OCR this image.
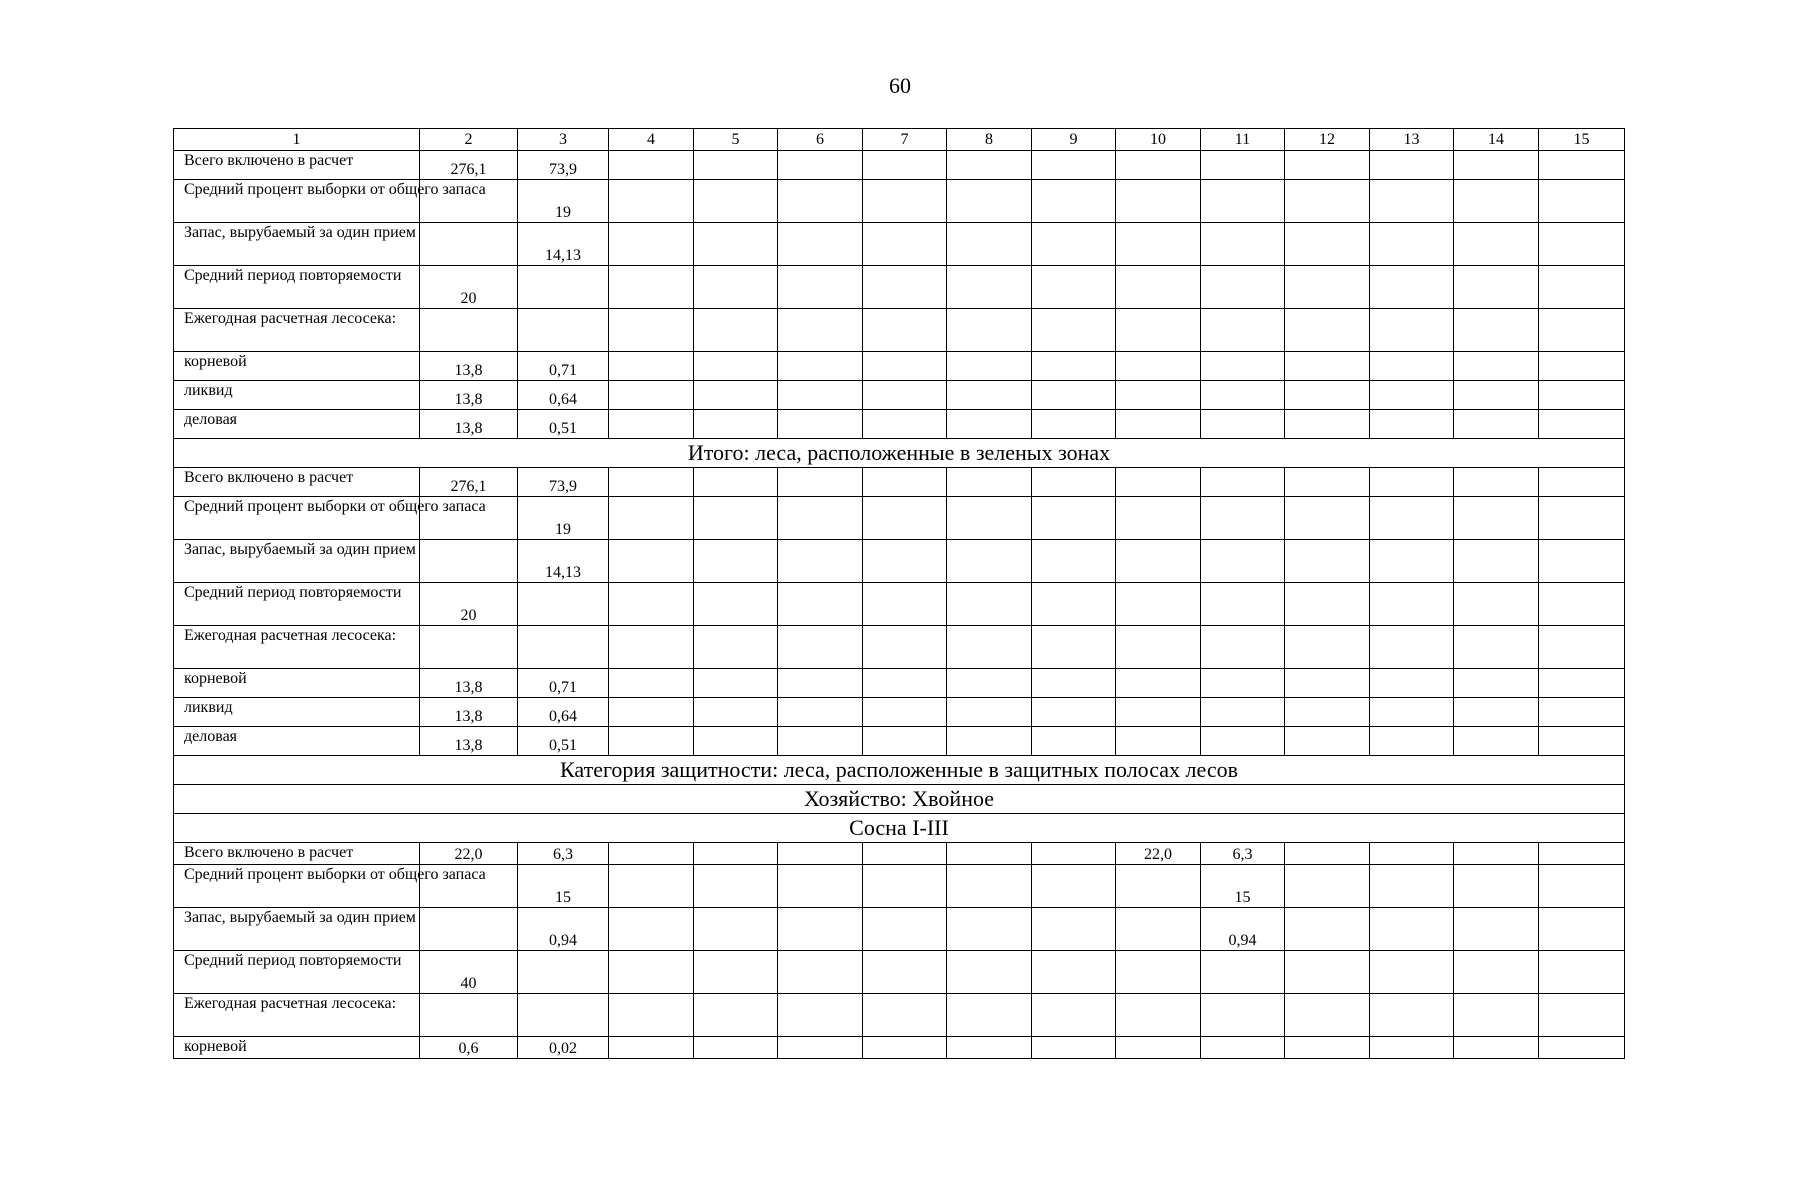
60
1	2	3	4	5	6	7	8	9	10	11	12	13	14	15
Всего включено в расчет	276,1	73,9												
Средний процент выборки от общего запаса		19												
Запас, вырубаемый за один прием		14,13												
Средний период повторяемости	20													
Ежегодная расчетная лесосека:														
корневой	13,8	0,71												
ликвид	13,8	0,64												
деловая	13,8	0,51												
Итого: леса, расположенные в зеленых зонах														
Всего включено в расчет	276,1	73,9												
Средний процент выборки от общего запаса		19												
Запас, вырубаемый за один прием		14,13												
Средний период повторяемости	20													
Ежегодная расчетная лесосека:														
корневой	13,8	0,71												
ликвид	13,8	0,64												
деловая	13,8	0,51												
Категория защитности: леса, расположенные в защитных полосах лесов														
Хозяйство: Хвойное														
Сосна I-III														
Всего включено в расчет	22,0	6,3							22,0	6,3				
Средний процент выборки от общего запаса		15								15				
Запас, вырубаемый за один прием		0,94								0,94				
Средний период повторяемости	40													
Ежегодная расчетная лесосека:														
корневой	0,6	0,02												
